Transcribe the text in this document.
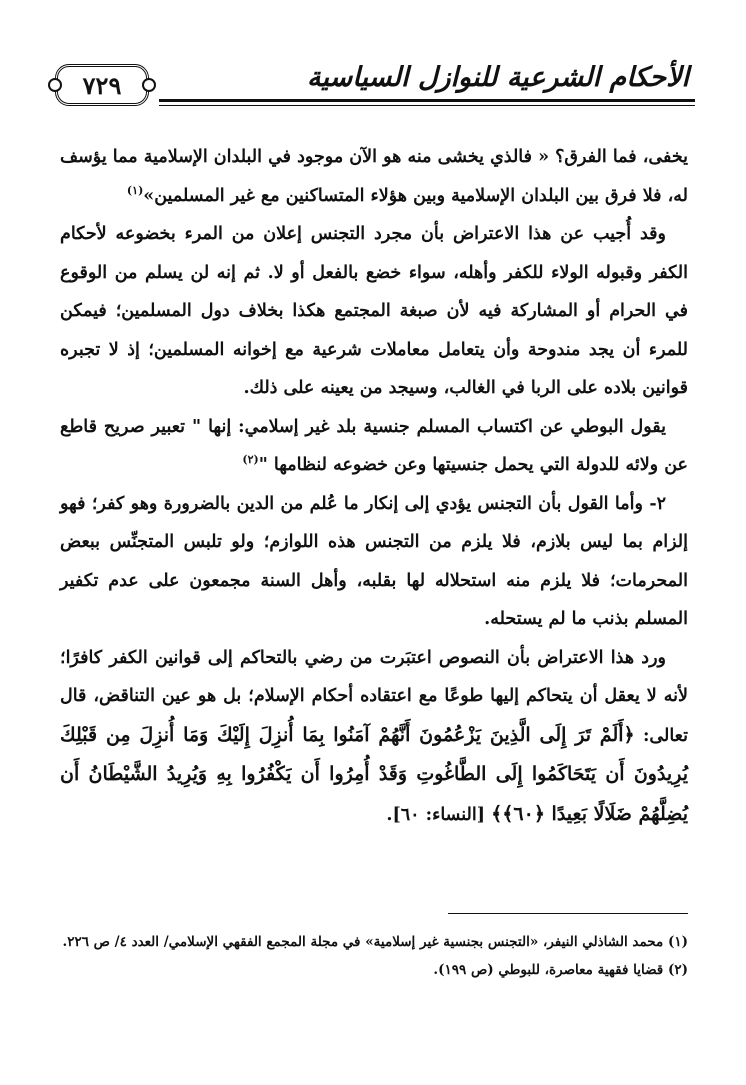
٧٢٩	الأحكام الشرعية للنوازل السياسية

يخفى، فما الفرق؟ « فالذي يخشى منه هو الآن موجود في البلدان الإسلامية مما يؤسف له، فلا فرق بين البلدان الإسلامية وبين هؤلاء المتساكنين مع غير المسلمين»$^{(١)}$

وقد أُجيب عن هذا الاعتراض بأن مجرد التجنس إعلان من المرء بخضوعه لأحكام الكفر وقبوله الولاء للكفر وأهله، سواء خضع بالفعل أو لا. ثم إنه لن يسلم من الوقوع في الحرام أو المشاركة فيه لأن صبغة المجتمع هكذا بخلاف دول المسلمين؛ فيمكن للمرء أن يجد مندوحة وأن يتعامل معاملات شرعية مع إخوانه المسلمين؛ إذ لا تجبره قوانين بلاده على الربا في الغالب، وسيجد من يعينه على ذلك.

يقول البوطي عن اكتساب المسلم جنسية بلد غير إسلامي: إنها " تعبير صريح قاطع عن ولائه للدولة التي يحمل جنسيتها وعن خضوعه لنظامها "$^{(٢)}$

٢- وأما القول بأن التجنس يؤدي إلى إنكار ما عُلم من الدين بالضرورة وهو كفر؛ فهو إلزام بما ليس بلازم، فلا يلزم من التجنس هذه اللوازم؛ ولو تلبس المتجنِّس ببعض المحرمات؛ فلا يلزم منه استحلاله لها بقلبه، وأهل السنة مجمعون على عدم تكفير المسلم بذنب ما لم يستحله.

ورد هذا الاعتراض بأن النصوص اعتبَرت من رضي بالتحاكم إلى قوانين الكفر كافرًا؛ لأنه لا يعقل أن يتحاكم إليها طوعًا مع اعتقاده أحكام الإسلام؛ بل هو عين التناقض، قال تعالى: ﴿أَلَمْ تَرَ إِلَى الَّذِينَ يَزْعُمُونَ أَنَّهُمْ آمَنُوا بِمَا أُنزِلَ إِلَيْكَ وَمَا أُنزِلَ مِن قَبْلِكَ يُرِيدُونَ أَن يَتَحَاكَمُوا إِلَى الطَّاغُوتِ وَقَدْ أُمِرُوا أَن يَكْفُرُوا بِهِ وَيُرِيدُ الشَّيْطَانُ أَن يُضِلَّهُمْ ضَلَالًا بَعِيدًا ﴿٦٠﴾﴾ [النساء: ٦٠].

(١) محمد الشاذلي النيفر، «التجنس بجنسية غير إسلامية» في مجلة المجمع الفقهي الإسلامي/ العدد ٤/ ص ٢٢٦.
(٢) قضايا فقهية معاصرة، للبوطي (ص ١٩٩).
